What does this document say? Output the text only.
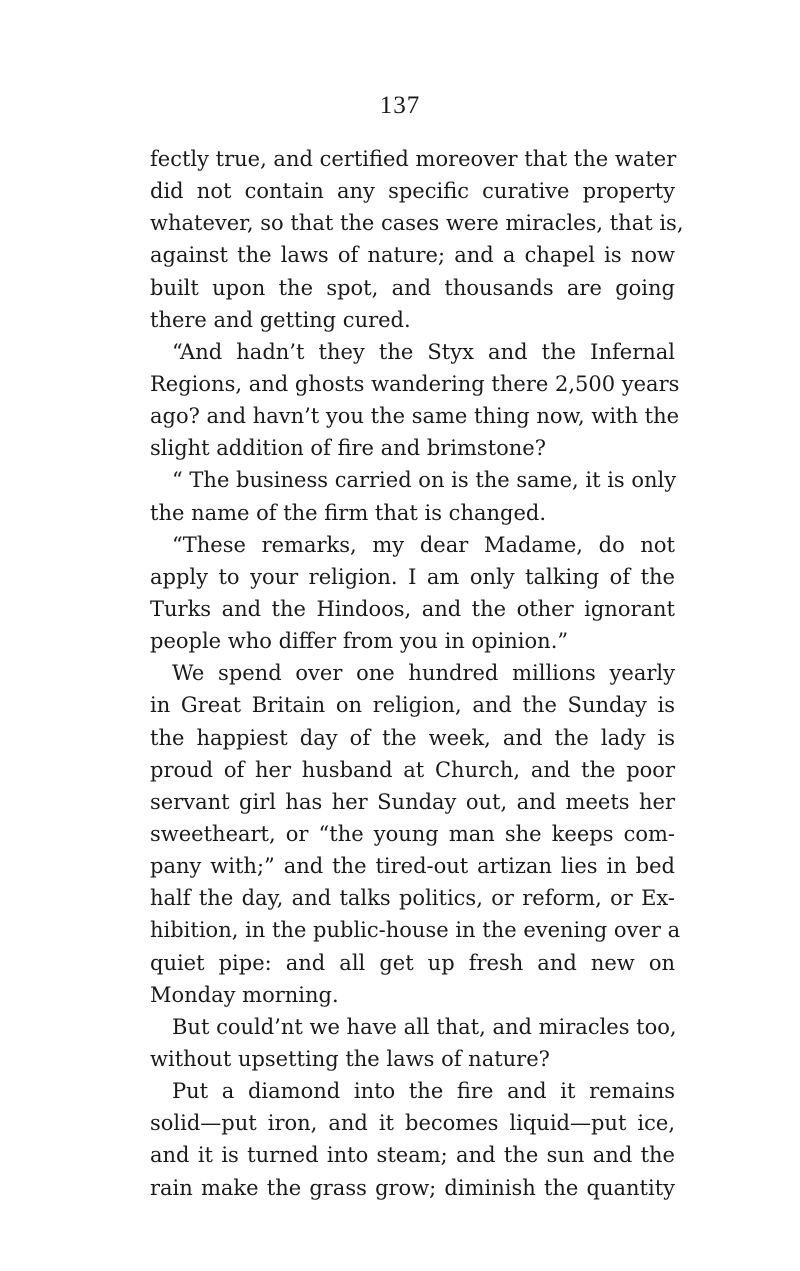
137
fectly true, and certified moreover that the water
did not contain any specific curative property
whatever, so that the cases were miracles, that is,
against the laws of nature; and a chapel is now
built upon the spot, and thousands are going
there and getting cured.
“And hadn’t they the Styx and the Infernal
Regions, and ghosts wandering there 2,500 years
ago? and havn’t you the same thing now, with the
slight addition of fire and brimstone?
“ The business carried on is the same, it is only
the name of the firm that is changed.
“These remarks, my dear Madame, do not
apply to your religion. I am only talking of the
Turks and the Hindoos, and the other ignorant
people who differ from you in opinion.”
We spend over one hundred millions yearly
in Great Britain on religion, and the Sunday is
the happiest day of the week, and the lady is
proud of her husband at Church, and the poor
servant girl has her Sunday out, and meets her
sweetheart, or “the young man she keeps com-
pany with;” and the tired-out artizan lies in bed
half the day, and talks politics, or reform, or Ex-
hibition, in the public-house in the evening over a
quiet pipe: and all get up fresh and new on
Monday morning.
But could’nt we have all that, and miracles too,
without upsetting the laws of nature?
Put a diamond into the fire and it remains
solid—put iron, and it becomes liquid—put ice,
and it is turned into steam; and the sun and the
rain make the grass grow; diminish the quantity
